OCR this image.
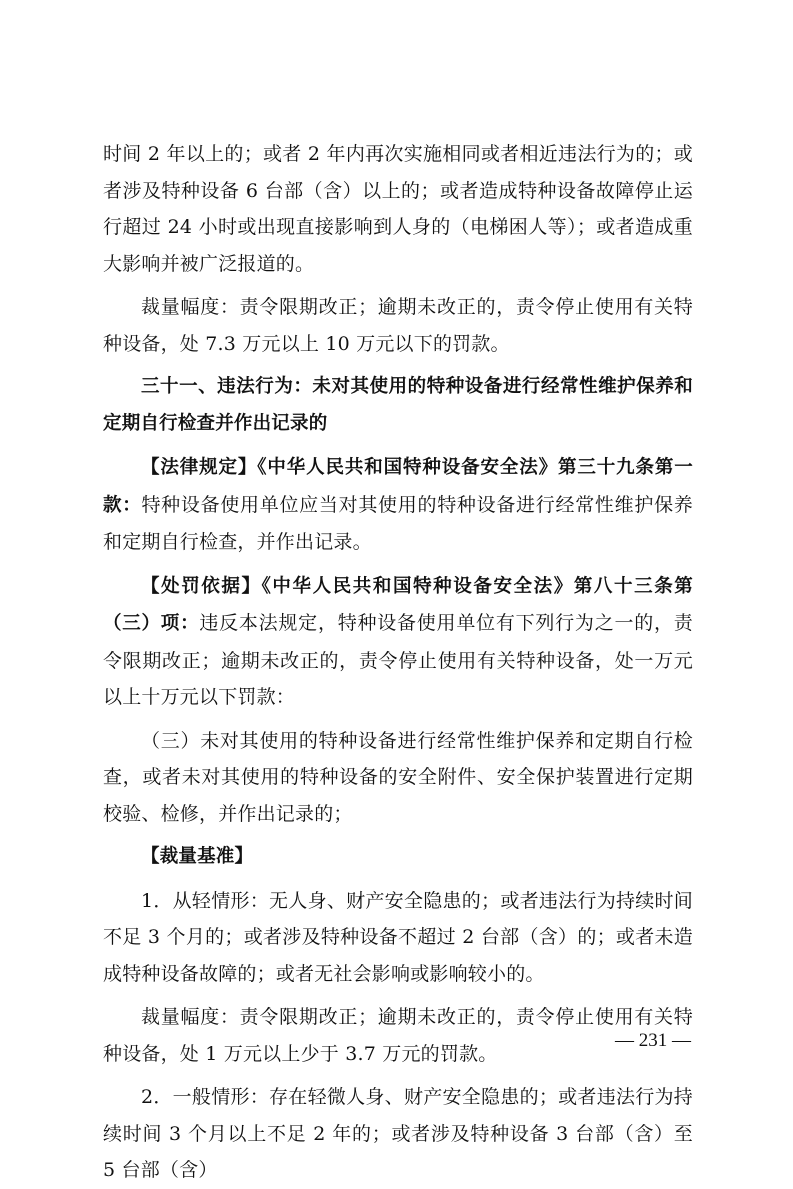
时间 2 年以上的；或者 2 年内再次实施相同或者相近违法行为的；或者涉及特种设备 6 台部（含）以上的；或者造成特种设备故障停止运行超过 24 小时或出现直接影响到人身的（电梯困人等）；或者造成重大影响并被广泛报道的。

裁量幅度：责令限期改正；逾期未改正的，责令停止使用有关特种设备，处 7.3 万元以上 10 万元以下的罚款。

三十一、违法行为：未对其使用的特种设备进行经常性维护保养和定期自行检查并作出记录的

【法律规定】《中华人民共和国特种设备安全法》第三十九条第一款：特种设备使用单位应当对其使用的特种设备进行经常性维护保养和定期自行检查，并作出记录。

【处罚依据】《中华人民共和国特种设备安全法》第八十三条第（三）项：违反本法规定，特种设备使用单位有下列行为之一的，责令限期改正；逾期未改正的，责令停止使用有关特种设备，处一万元以上十万元以下罚款：

（三）未对其使用的特种设备进行经常性维护保养和定期自行检查，或者未对其使用的特种设备的安全附件、安全保护装置进行定期校验、检修，并作出记录的；

【裁量基准】

1．从轻情形：无人身、财产安全隐患的；或者违法行为持续时间不足 3 个月的；或者涉及特种设备不超过 2 台部（含）的；或者未造成特种设备故障的；或者无社会影响或影响较小的。

裁量幅度：责令限期改正；逾期未改正的，责令停止使用有关特种设备，处 1 万元以上少于 3.7 万元的罚款。

2．一般情形：存在轻微人身、财产安全隐患的；或者违法行为持续时间 3 个月以上不足 2 年的；或者涉及特种设备 3 台部（含）至 5 台部（含）

— 231 —
